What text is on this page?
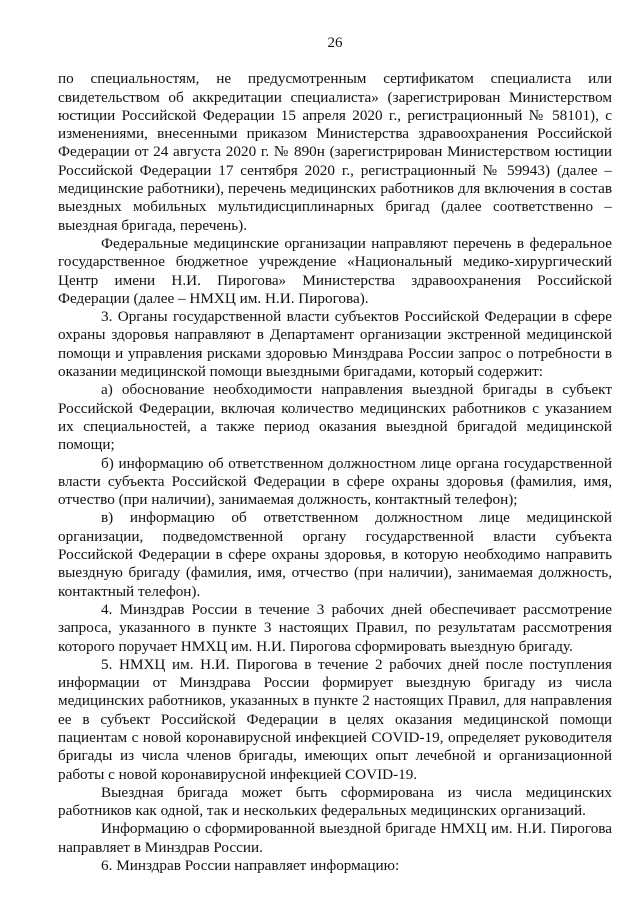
26

по специальностям, не предусмотренным сертификатом специалиста или свидетельством об аккредитации специалиста» (зарегистрирован Министерством юстиции Российской Федерации 15 апреля 2020 г., регистрационный № 58101), с изменениями, внесенными приказом Министерства здравоохранения Российской Федерации от 24 августа 2020 г. № 890н (зарегистрирован Министерством юстиции Российской Федерации 17 сентября 2020 г., регистрационный № 59943) (далее – медицинские работники), перечень медицинских работников для включения в состав выездных мобильных мультидисциплинарных бригад (далее соответственно – выездная бригада, перечень).

Федеральные медицинские организации направляют перечень в федеральное государственное бюджетное учреждение «Национальный медико-хирургический Центр имени Н.И. Пирогова» Министерства здравоохранения Российской Федерации (далее – НМХЦ им. Н.И. Пирогова).

3. Органы государственной власти субъектов Российской Федерации в сфере охраны здоровья направляют в Департамент организации экстренной медицинской помощи и управления рисками здоровью Минздрава России запрос о потребности в оказании медицинской помощи выездными бригадами, который содержит:

а) обоснование необходимости направления выездной бригады в субъект Российской Федерации, включая количество медицинских работников с указанием их специальностей, а также период оказания выездной бригадой медицинской помощи;

б) информацию об ответственном должностном лице органа государственной власти субъекта Российской Федерации в сфере охраны здоровья (фамилия, имя, отчество (при наличии), занимаемая должность, контактный телефон);

в) информацию об ответственном должностном лице медицинской организации, подведомственной органу государственной власти субъекта Российской Федерации в сфере охраны здоровья, в которую необходимо направить выездную бригаду (фамилия, имя, отчество (при наличии), занимаемая должность, контактный телефон).

4. Минздрав России в течение 3 рабочих дней обеспечивает рассмотрение запроса, указанного в пункте 3 настоящих Правил, по результатам рассмотрения которого поручает НМХЦ им. Н.И. Пирогова сформировать выездную бригаду.

5. НМХЦ им. Н.И. Пирогова в течение 2 рабочих дней после поступления информации от Минздрава России формирует выездную бригаду из числа медицинских работников, указанных в пункте 2 настоящих Правил, для направления ее в субъект Российской Федерации в целях оказания медицинской помощи пациентам с новой коронавирусной инфекцией COVID-19, определяет руководителя бригады из числа членов бригады, имеющих опыт лечебной и организационной работы с новой коронавирусной инфекцией COVID-19.

Выездная бригада может быть сформирована из числа медицинских работников как одной, так и нескольких федеральных медицинских организаций.

Информацию о сформированной выездной бригаде НМХЦ им. Н.И. Пирогова направляет в Минздрав России.

6. Минздрав России направляет информацию:
